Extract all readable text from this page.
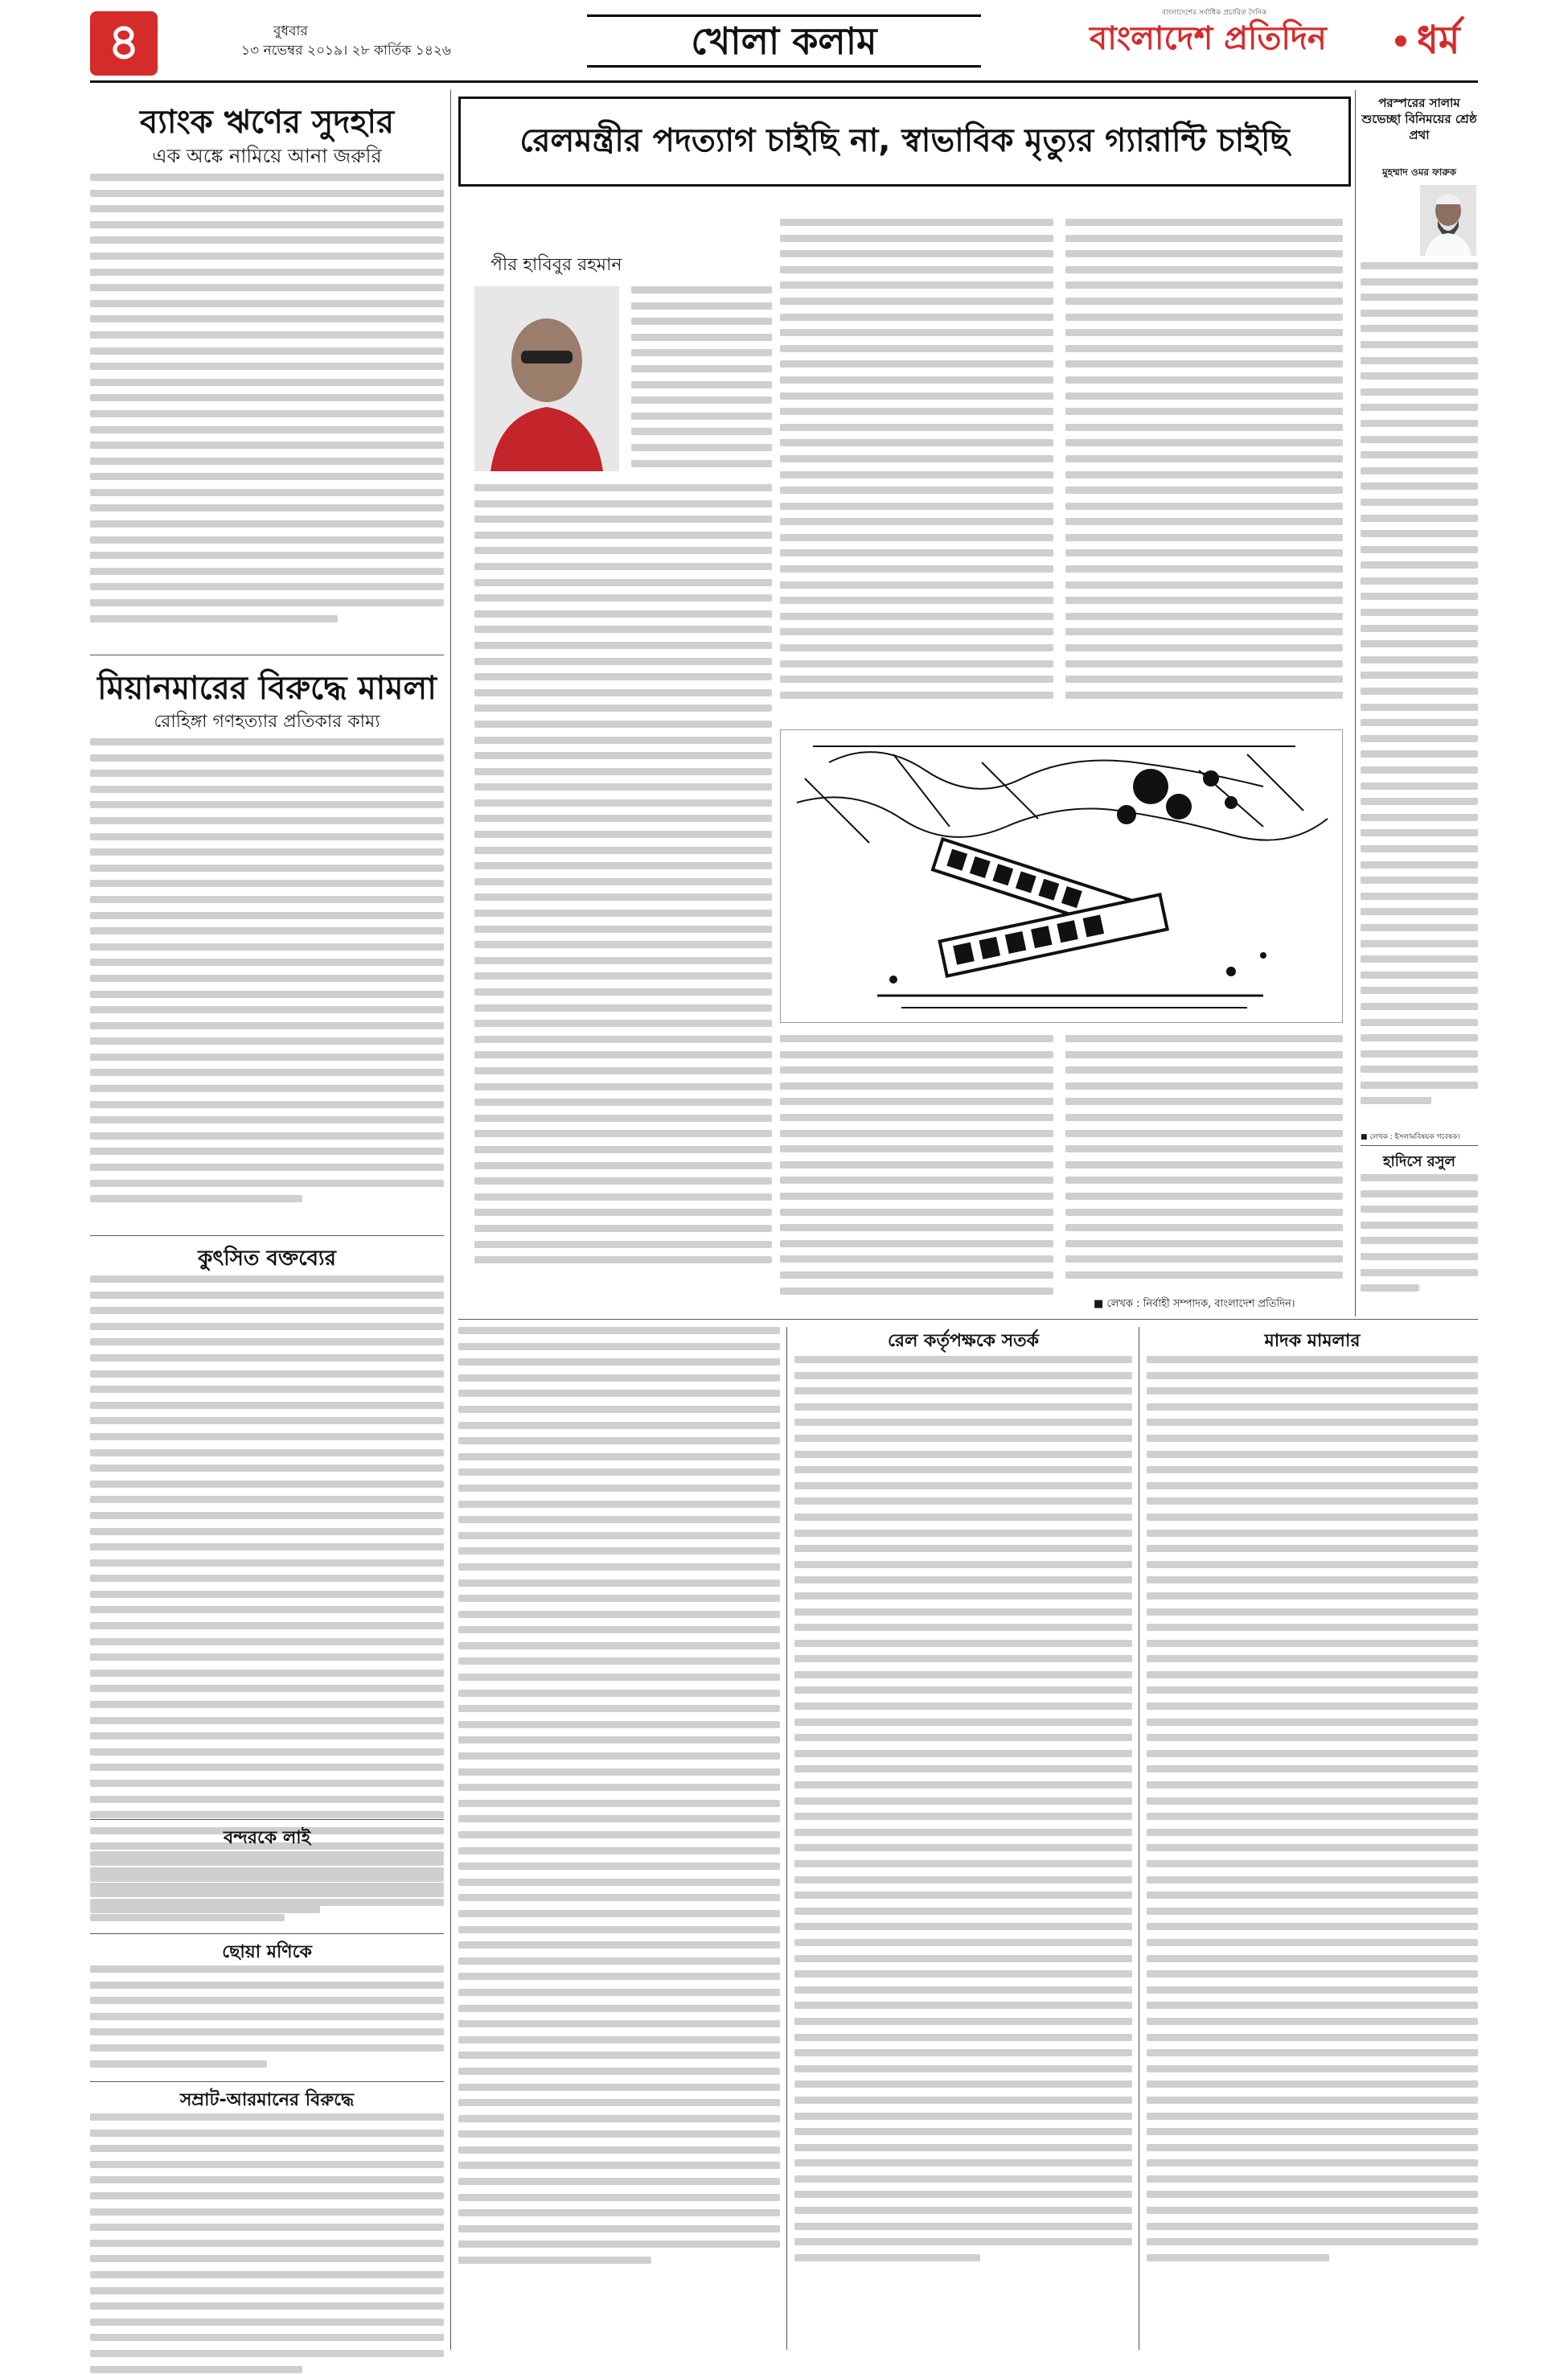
৪	বুধবার
১৩ নভেম্বর ২০১৯। ২৮ কার্তিক ১৪২৬	খোলা কলাম	বাংলাদেশ প্রতিদিন
বাংলাদেশের সর্বাধিক প্রচারিত দৈনিক
ধর্ম
ব্যাংক ঋণের সুদহার
এক অঙ্কে নামিয়ে আনা জরুরি
মিয়ানমারের বিরুদ্ধে মামলা
রোহিঙ্গা গণহত্যার প্রতিকার কাম্য
কুৎসিত বক্তব্যের
বন্দরকে লাই
ছোয়া মণিকে
সম্রাট-আরমানের বিরুদ্ধে
রেলমন্ত্রীর পদত্যাগ চাইছি না, স্বাভাবিক মৃত্যুর গ্যারান্টি চাইছি
পীর হাবিবুর রহমান
■ লেখক : নির্বাহী সম্পাদক, বাংলাদেশ প্রতিদিন।
রেল কর্তৃপক্ষকে সতর্ক	মাদক মামলার
পরস্পরের সালাম শুভেচ্ছা বিনিময়ের শ্রেষ্ঠ প্রথা
মুহম্মাদ ওমর ফারুক
■ লেখক : ইসলামবিষয়ক গবেষক।
হাদিসে রসুল
